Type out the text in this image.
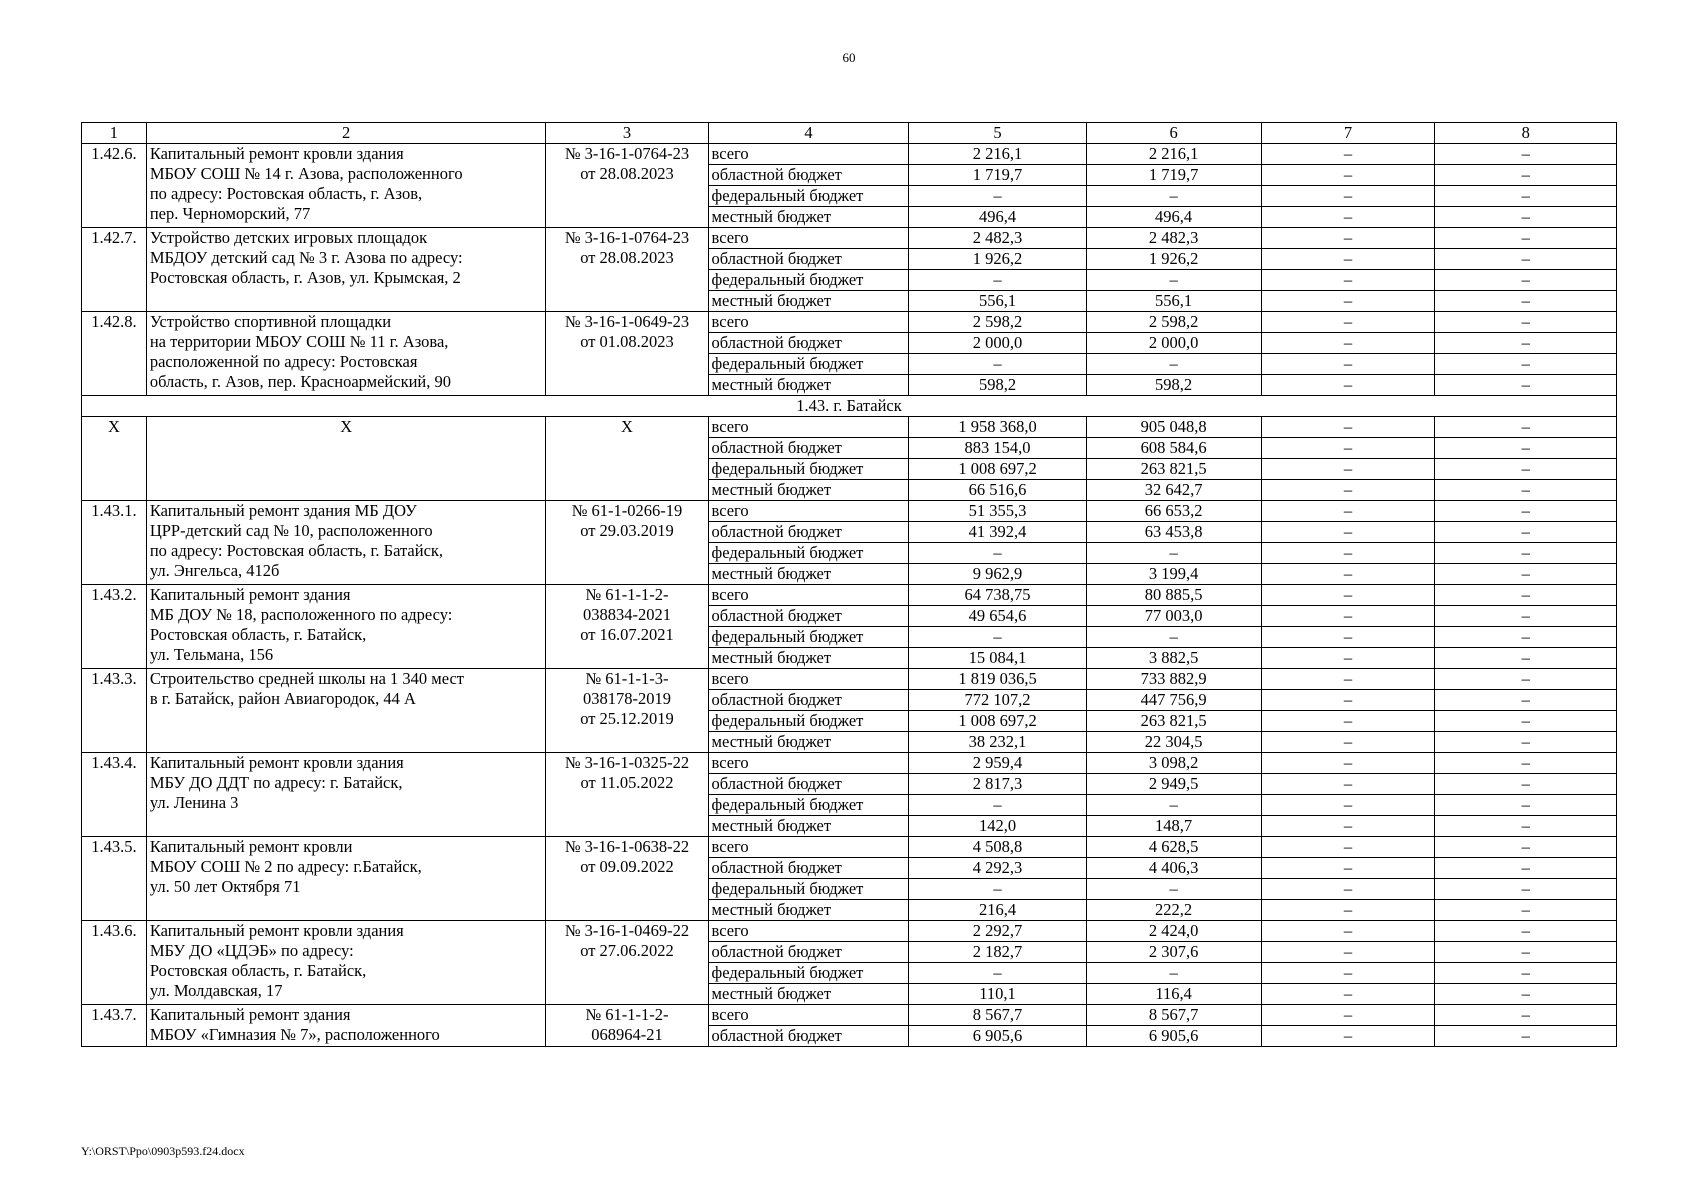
60
1	2	3	4	5	6	7	8
1.42.6.	Капитальный ремонт кровли здания
МБОУ СОШ № 14 г. Азова, расположенного
по адресу: Ростовская область, г. Азов,
пер. Черноморский, 77	№ 3-16-1-0764-23
от 28.08.2023	всего	2 216,1	2 216,1	–	–
			областной бюджет	1 719,7	1 719,7	–	–
			федеральный бюджет	–	–	–	–
			местный бюджет	496,4	496,4	–	–
1.42.7.	Устройство детских игровых площадок
МБДОУ детский сад № 3 г. Азова по адресу:
Ростовская область, г. Азов, ул. Крымская, 2	№ 3-16-1-0764-23
от 28.08.2023	всего	2 482,3	2 482,3	–	–
			областной бюджет	1 926,2	1 926,2	–	–
			федеральный бюджет	–	–	–	–
			местный бюджет	556,1	556,1	–	–
1.42.8.	Устройство спортивной площадки
на территории МБОУ СОШ № 11 г. Азова,
расположенной по адресу: Ростовская
область, г. Азов, пер. Красноармейский, 90	№ 3-16-1-0649-23
от 01.08.2023	всего	2 598,2	2 598,2	–	–
			областной бюджет	2 000,0	2 000,0	–	–
			федеральный бюджет	–	–	–	–
			местный бюджет	598,2	598,2	–	–
1.43. г. Батайск							
X	X	X	всего	1 958 368,0	905 048,8	–	–
			областной бюджет	883 154,0	608 584,6	–	–
			федеральный бюджет	1 008 697,2	263 821,5	–	–
			местный бюджет	66 516,6	32 642,7	–	–
1.43.1.	Капитальный ремонт здания МБ ДОУ
ЦРР-детский сад № 10, расположенного
по адресу: Ростовская область, г. Батайск,
ул. Энгельса, 412б	№ 61-1-0266-19
от 29.03.2019	всего	51 355,3	66 653,2	–	–
			областной бюджет	41 392,4	63 453,8	–	–
			федеральный бюджет	–	–	–	–
			местный бюджет	9 962,9	3 199,4	–	–
1.43.2.	Капитальный ремонт здания
МБ ДОУ № 18, расположенного по адресу:
Ростовская область, г. Батайск,
ул. Тельмана, 156	№ 61-1-1-2-
038834-2021
от 16.07.2021	всего	64 738,75	80 885,5	–	–
			областной бюджет	49 654,6	77 003,0	–	–
			федеральный бюджет	–	–	–	–
			местный бюджет	15 084,1	3 882,5	–	–
1.43.3.	Строительство средней школы на 1 340 мест
в г. Батайск, район Авиагородок, 44 А	№ 61-1-1-3-
038178-2019
от 25.12.2019	всего	1 819 036,5	733 882,9	–	–
			областной бюджет	772 107,2	447 756,9	–	–
			федеральный бюджет	1 008 697,2	263 821,5	–	–
			местный бюджет	38 232,1	22 304,5	–	–
1.43.4.	Капитальный ремонт кровли здания
МБУ ДО ДДТ по адресу: г. Батайск,
ул. Ленина 3	№ 3-16-1-0325-22
от 11.05.2022	всего	2 959,4	3 098,2	–	–
			областной бюджет	2 817,3	2 949,5	–	–
			федеральный бюджет	–	–	–	–
			местный бюджет	142,0	148,7	–	–
1.43.5.	Капитальный ремонт кровли
МБОУ СОШ № 2 по адресу: г.Батайск,
ул. 50 лет Октября 71	№ 3-16-1-0638-22
от 09.09.2022	всего	4 508,8	4 628,5	–	–
			областной бюджет	4 292,3	4 406,3	–	–
			федеральный бюджет	–	–	–	–
			местный бюджет	216,4	222,2	–	–
1.43.6.	Капитальный ремонт кровли здания
МБУ ДО «ЦДЭБ» по адресу:
Ростовская область, г. Батайск,
ул. Молдавская, 17	№ 3-16-1-0469-22
от 27.06.2022	всего	2 292,7	2 424,0	–	–
			областной бюджет	2 182,7	2 307,6	–	–
			федеральный бюджет	–	–	–	–
			местный бюджет	110,1	116,4	–	–
1.43.7.	Капитальный ремонт здания
МБОУ «Гимназия № 7», расположенного	№ 61-1-1-2-
068964-21	всего	8 567,7	8 567,7	–	–
			областной бюджет	6 905,6	6 905,6	–	–
Y:\ORST\Ppo\0903p593.f24.docx
